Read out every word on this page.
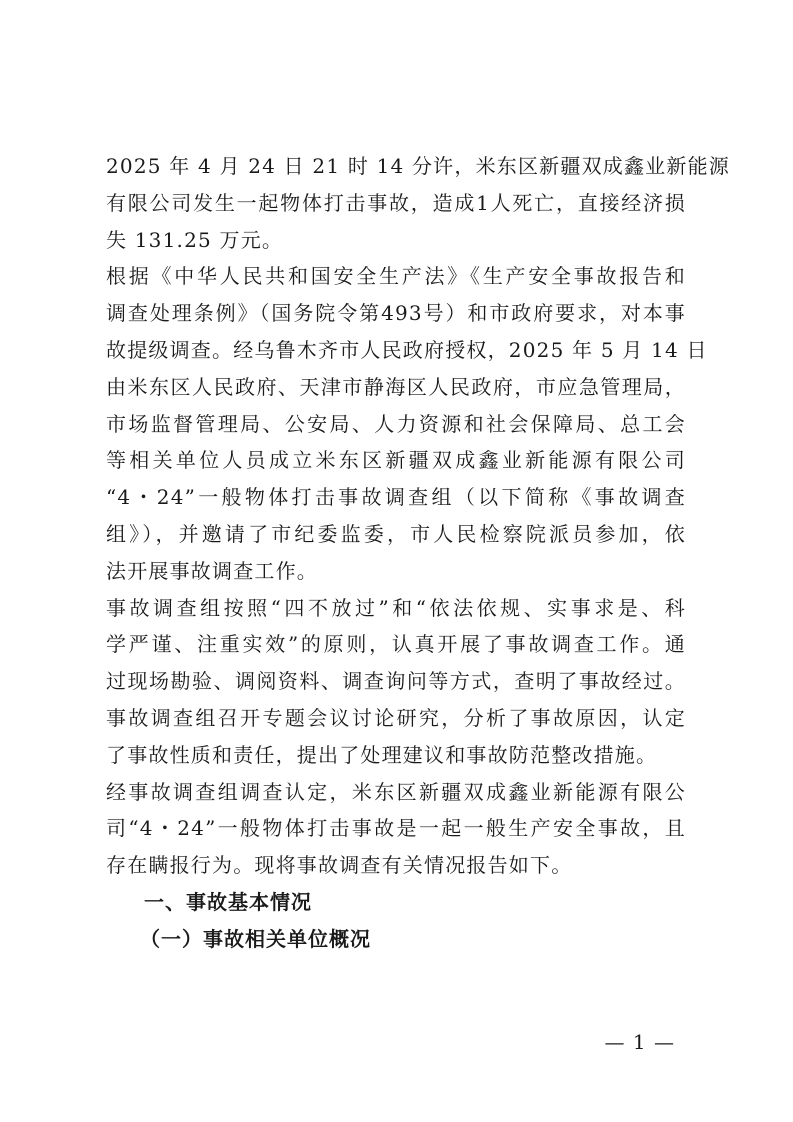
2025 年 4 月 24 日 21 时 14 分许，米东区新疆双成鑫业新能源
有限公司发生一起物体打击事故，造成1人死亡，直接经济损
失 131.25 万元。
根据《中华人民共和国安全生产法》《生产安全事故报告和
调查处理条例》（国务院令第493号）和市政府要求，对本事
故提级调查。经乌鲁木齐市人民政府授权，2025 年 5 月 14 日
由米东区人民政府、天津市静海区人民政府，市应急管理局，
市场监督管理局、公安局、人力资源和社会保障局、总工会
等相关单位人员成立米东区新疆双成鑫业新能源有限公司
“4・24”一般物体打击事故调查组（以下简称《事故调查
组》），并邀请了市纪委监委，市人民检察院派员参加，依
法开展事故调查工作。
事故调查组按照“四不放过”和“依法依规、实事求是、科
学严谨、注重实效”的原则，认真开展了事故调查工作。通
过现场勘验、调阅资料、调查询问等方式，查明了事故经过。
事故调查组召开专题会议讨论研究，分析了事故原因，认定
了事故性质和责任，提出了处理建议和事故防范整改措施。
经事故调查组调查认定，米东区新疆双成鑫业新能源有限公
司“4・24”一般物体打击事故是一起一般生产安全事故，且
存在瞒报行为。现将事故调查有关情况报告如下。
一、事故基本情况
（一）事故相关单位概况
— 1 —
